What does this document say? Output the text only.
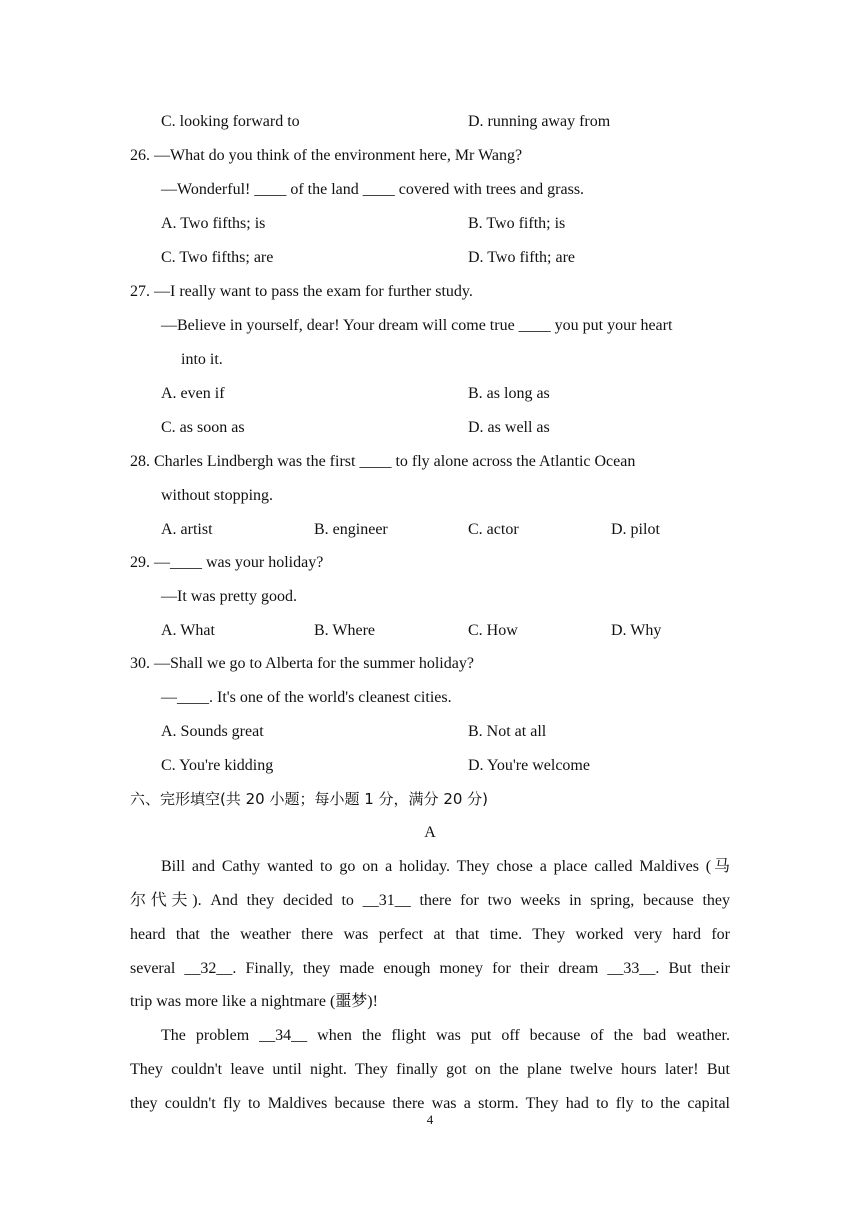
C. looking forward to	D. running away from
26. —What do you think of the environment here, Mr Wang?
—Wonderful! ____ of the land ____ covered with trees and grass.
A. Two fifths; is	B. Two fifth; is
C. Two fifths; are	D. Two fifth; are
27. —I really want to pass the exam for further study.
—Believe in yourself, dear! Your dream will come true ____ you put your heart
into it.
A. even if	B. as long as
C. as soon as	D. as well as
28. Charles Lindbergh was the first ____ to fly alone across the Atlantic Ocean
without stopping.
A. artist	B. engineer	C. actor	D. pilot
29. —____ was your holiday?
—It was pretty good.
A. What	B. Where	C. How	D. Why
30. —Shall we go to Alberta for the summer holiday?
—____. It's one of the world's cleanest cities.
A. Sounds great	B. Not at all
C. You're kidding	D. You're welcome
六、完形填空(共 20 小题；每小题 1 分，满分 20 分)
A
Bill and Cathy wanted to go on a holiday. They chose a place called Maldives (马
尔代夫). And they decided to __31__ there for two weeks in spring, because they
heard that the weather there was perfect at that time. They worked very hard for
several __32__. Finally, they made enough money for their dream __33__. But their
trip was more like a nightmare (噩梦)!
The problem __34__ when the flight was put off because of the bad weather.
They couldn't leave until night. They finally got on the plane twelve hours later! But
they couldn't fly to Maldives because there was a storm. They had to fly to the capital
4
